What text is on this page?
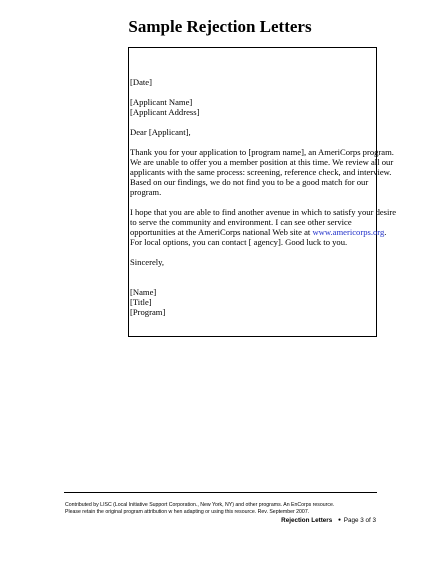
Sample Rejection Letters
[Date]
[Applicant Name]
[Applicant Address]
Dear [Applicant],
Thank you for your application to [program name], an AmeriCorps program.
We are unable to offer you a member position at this time. We review all our
applicants with the same process: screening, reference check, and interview.
Based on our findings, we do not find you to be a good match for our
program.
I hope that you are able to find another avenue in which to satisfy your desire
to serve the community and environment. I can see other service
opportunities at the AmeriCorps national Web site at www.americorps.org.
For local options, you can contact [ agency]. Good luck to you.
Sincerely,
[Name]
[Title]
[Program]
Contributed by LISC (Local Initiative Support Corporation., New York, NY) and other programs. An EnCorps resource.
Please retain the original program attribution w hen adapting or using this resource. Rev. September 2007.
Rejection Letters ● Page 3 of 3
